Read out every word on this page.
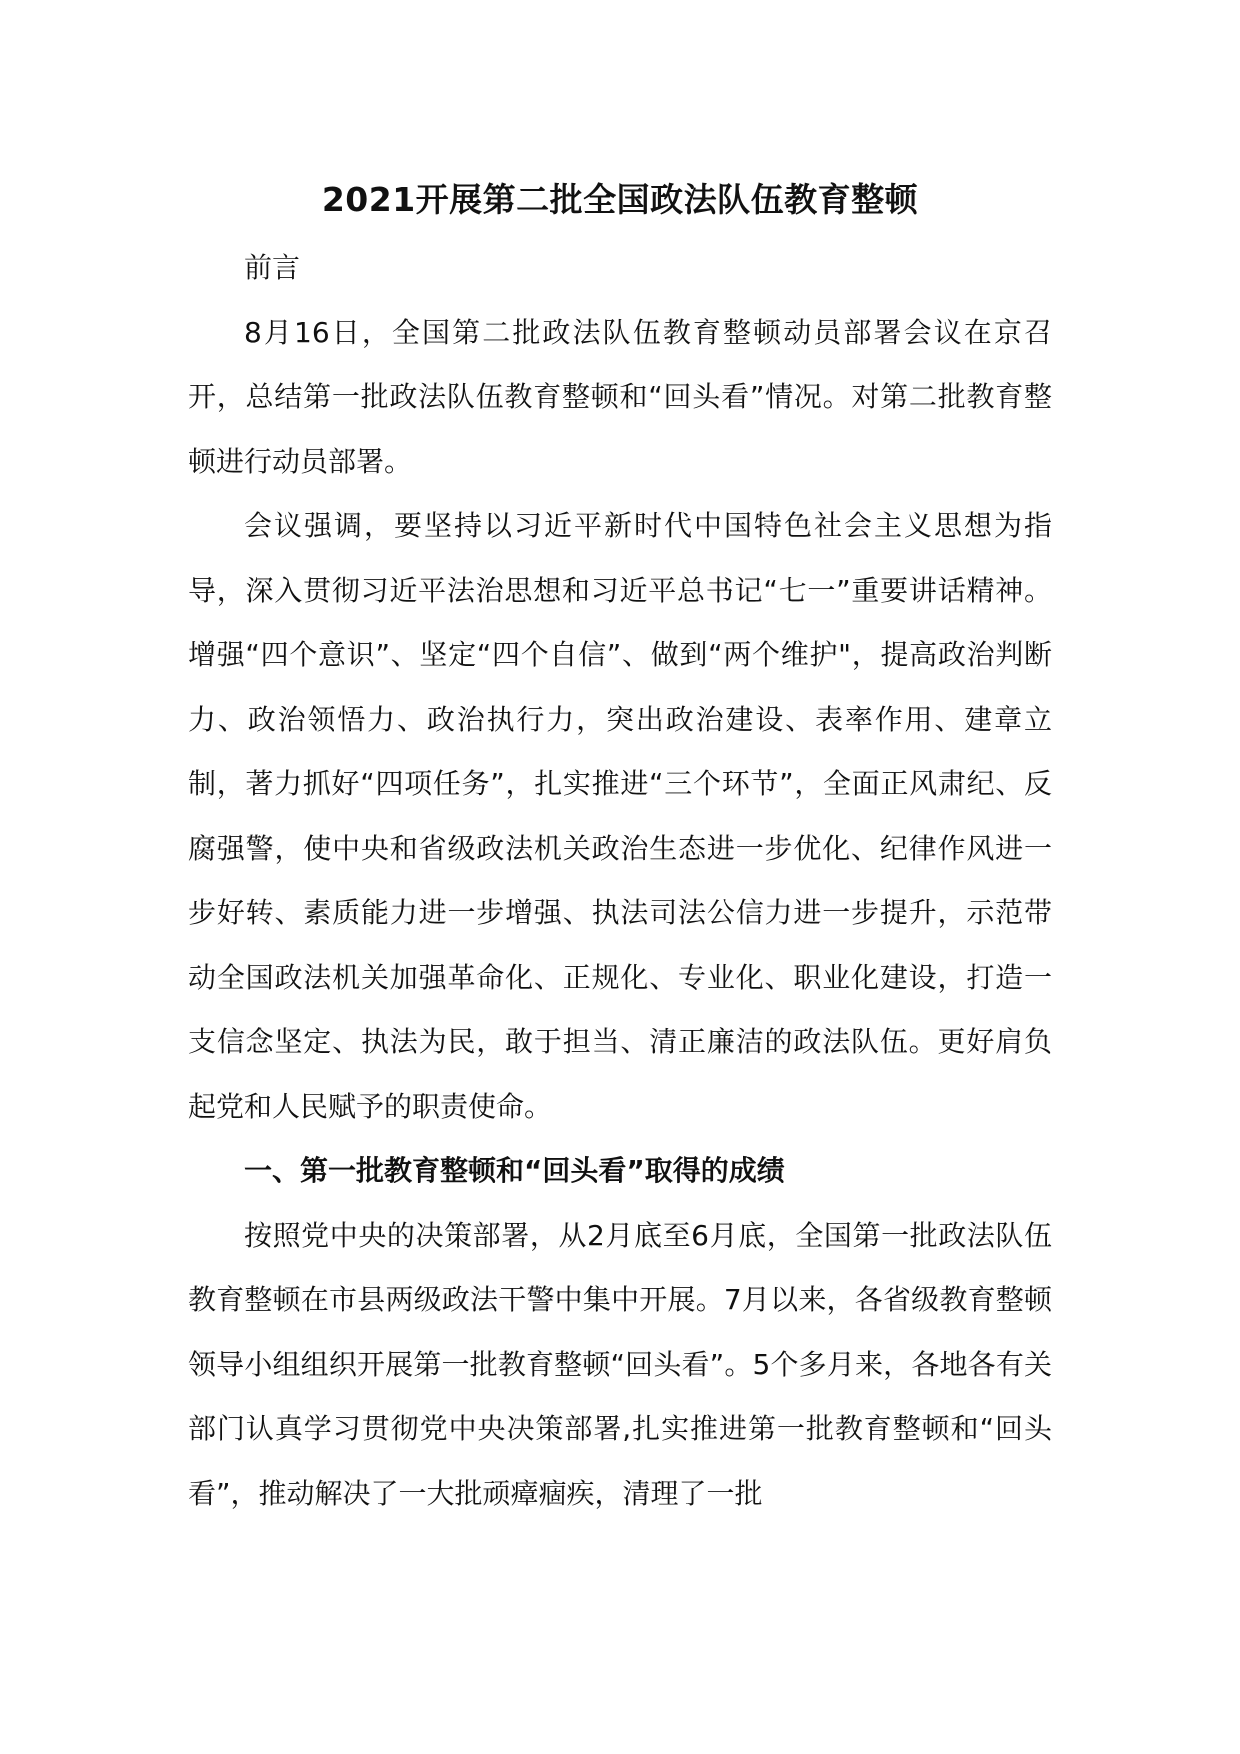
2021开展第二批全国政法队伍教育整顿

前言

8月16日，全国第二批政法队伍教育整顿动员部署会议在京召开，总结第一批政法队伍教育整顿和“回头看”情况。对第二批教育整顿进行动员部署。

会议强调，要坚持以习近平新时代中国特色社会主义思想为指导，深入贯彻习近平法治思想和习近平总书记“七一”重要讲话精神。增强“四个意识”、坚定“四个自信”、做到“两个维护"，提高政治判断力、政治领悟力、政治执行力，突出政治建设、表率作用、建章立制，著力抓好“四项任务”，扎实推进“三个环节”，全面正风肃纪、反腐强警，使中央和省级政法机关政治生态进一步优化、纪律作风进一步好转、素质能力进一步增强、执法司法公信力进一步提升，示范带动全国政法机关加强革命化、正规化、专业化、职业化建设，打造一支信念坚定、执法为民，敢于担当、清正廉洁的政法队伍。更好肩负起党和人民赋予的职责使命。

一、第一批教育整顿和“回头看”取得的成绩

按照党中央的决策部署，从2月底至6月底，全国第一批政法队伍教育整顿在市县两级政法干警中集中开展。7月以来，各省级教育整顿领导小组组织开展第一批教育整顿“回头看”。5个多月来，各地各有关部门认真学习贯彻党中央决策部署,扎实推进第一批教育整顿和“回头看”，推动解决了一大批顽瘴痼疾，清理了一批
